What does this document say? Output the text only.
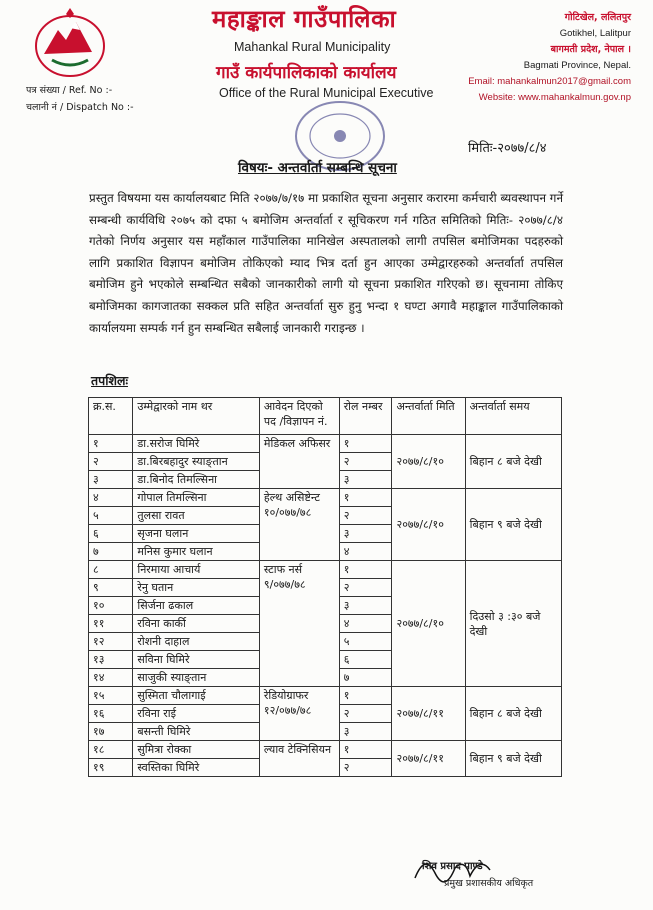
महाङ्काल गाउँपालिका
Mahankal Rural Municipality
गाउँ कार्यपालिकाको कार्यालय
Office of the Rural Municipal Executive
गोटिखेल, ललितपुर
Gotikhel, Lalitpur
बागमती प्रदेश, नेपाल ।
Bagmati Province, Nepal.
Email: mahankalmun2017@gmail.com
Website: www.mahankalmun.gov.np
पत्र संख्या / Ref. No :-
चलानी नं / Dispatch No :-
मितिः-२०७७/८/४
विषयः- अन्तर्वार्ता सम्बन्धि सूचना
प्रस्तुत विषयमा यस कार्यालयबाट मिति २०७७/७/१७ मा प्रकाशित सूचना अनुसार करारमा कर्मचारी ब्यवस्थापन गर्ने सम्बन्धी कार्यविधि २०७५ को दफा ५ बमोजिम अन्तर्वार्ता र सूचिकरण गर्न गठित समितिको मितिः- २०७७/८/४ गतेको निर्णय अनुसार यस महाँकाल गाउँपालिका मानिखेल अस्पतालको लागी तपसिल बमोजिमका पदहरुको लागि प्रकाशित विज्ञापन बमोजिम तोकिएको म्याद भित्र दर्ता हुन आएका उम्मेद्वारहरुको अन्तर्वार्ता तपसिल बमोजिम हुने भएकोले सम्बन्धित सबैको जानकारीको लागी यो सूचना प्रकाशित गरिएको छ। सूचनामा तोकिए बमोजिमका कागजातका सक्कल प्रति सहित अन्तर्वार्ता सुरु हुनु भन्दा १ घण्टा अगावै महाङ्काल गाउँपालिकाको कार्यालयमा सम्पर्क गर्न हुन सम्बन्धित सबैलाई जानकारी गराइन्छ ।
तपशिलः
क्र.स.	उम्मेद्वारको नाम थर	आवेदन दिएको पद /विज्ञापन नं.	रोल नम्बर	अन्तर्वार्ता मिति	अन्तर्वार्ता समय
१	डा.सरोज घिमिरे	मेडिकल अफिसर	१	२०७७/८/१०	बिहान ८ बजे देखी
२	डा.बिरबहादुर स्याङ्तान		२		
३	डा.बिनोद तिमल्सिना		३		
४	गोपाल तिमल्सिना	हेल्थ असिष्टेन्ट १०/०७७/७८	१	२०७७/८/१०	बिहान ९ बजे देखी
५	तुलसा रावत		२		
६	सृजना घलान		३		
७	मनिस कुमार घलान		४		
८	निरमाया आचार्य	स्टाफ नर्स ९/०७७/७८	१	२०७७/८/१०	दिउसो ३ :३० बजे देखी
९	रेनु घतान		२		
१०	सिर्जना ढकाल		३		
११	रविना कार्की		४		
१२	रोशनी दाहाल		५		
१३	सविना घिमिरे		६		
१४	साजुकी स्याङ्तान		७		
१५	सुस्मिता चौलागाई	रेडियोग्राफर १२/०७७/७८	१	२०७७/८/११	बिहान ८ बजे देखी
१६	रविना राई		२		
१७	बसन्ती घिमिरे		३		
१८	सुमित्रा रोक्का	ल्याव टेक्निसियन	१	२०७७/८/११	बिहान ९ बजे देखी
१९	स्वस्तिका घिमिरे		२		
शिव प्रसाद पाण्डे
प्रमुख प्रशासकीय अधिकृत
